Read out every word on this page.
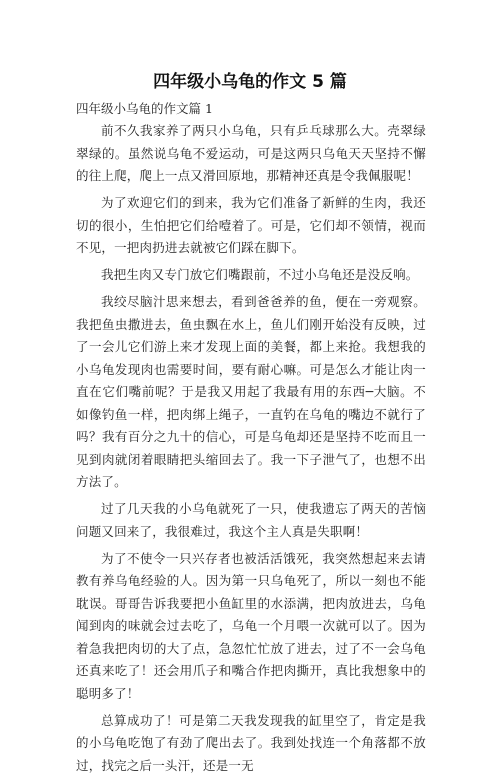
四年级小乌龟的作文 5 篇

四年级小乌龟的作文篇 1

前不久我家养了两只小乌龟，只有乒乓球那么大。壳翠绿翠绿的。虽然说乌龟不爱运动，可是这两只乌龟天天坚持不懈的往上爬，爬上一点又滑回原地，那精神还真是令我佩服呢！

为了欢迎它们的到来，我为它们准备了新鲜的生肉，我还切的很小，生怕把它们给噎着了。可是，它们却不领情，视而不见，一把肉扔进去就被它们踩在脚下。

我把生肉又专门放它们嘴跟前，不过小乌龟还是没反响。

我绞尽脑汁思来想去，看到爸爸养的鱼，便在一旁观察。我把鱼虫撒进去，鱼虫飘在水上，鱼儿们刚开始没有反映，过了一会儿它们游上来才发现上面的美餐，都上来抢。我想我的小乌龟发现肉也需要时间，要有耐心嘛。可是怎么才能让肉一直在它们嘴前呢？于是我又用起了我最有用的东西─大脑。不如像钓鱼一样，把肉绑上绳子，一直钓在乌龟的嘴边不就行了吗？我有百分之九十的信心，可是乌龟却还是坚持不吃而且一见到肉就闭着眼睛把头缩回去了。我一下子泄气了，也想不出方法了。

过了几天我的小乌龟就死了一只，使我遗忘了两天的苦恼问题又回来了，我很难过，我这个主人真是失职啊！

为了不使令一只兴存者也被活活饿死，我突然想起来去请教有养乌龟经验的人。因为第一只乌龟死了，所以一刻也不能耽误。哥哥告诉我要把小鱼缸里的水添满，把肉放进去，乌龟闻到肉的味就会过去吃了，乌龟一个月喂一次就可以了。因为着急我把肉切的大了点，急忽忙忙放了进去，过了不一会乌龟还真来吃了！还会用爪子和嘴合作把肉撕开，真比我想象中的聪明多了！

总算成功了！可是第二天我发现我的缸里空了，肯定是我的小乌龟吃饱了有劲了爬出去了。我到处找连一个角落都不放过，找完之后一头汗，还是一无
